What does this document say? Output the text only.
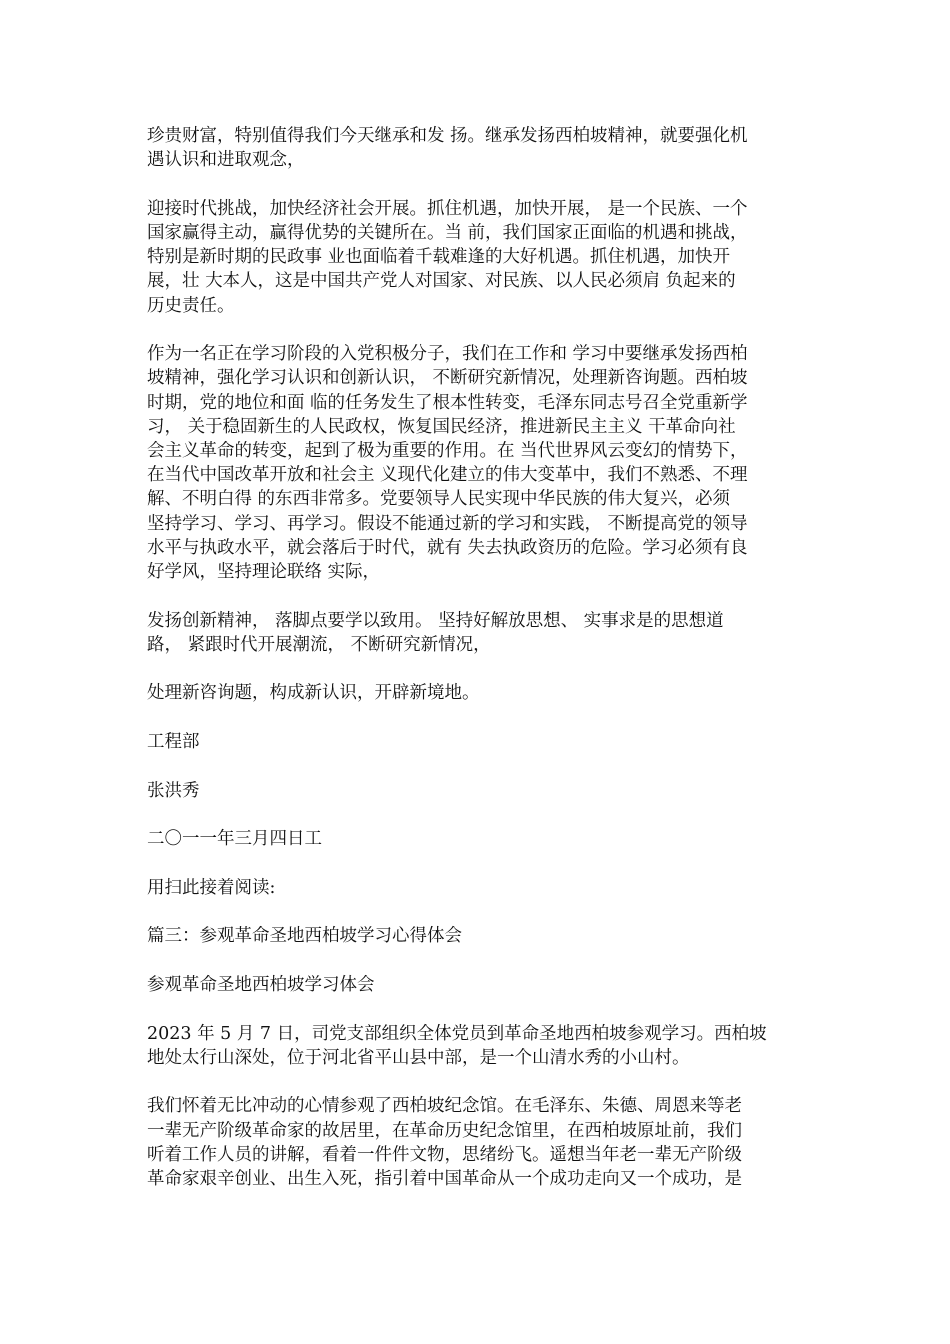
珍贵财富，特别值得我们今天继承和发 扬。继承发扬西柏坡精神，就要强化机
遇认识和进取观念，

迎接时代挑战，加快经济社会开展。抓住机遇，加快开展， 是一个民族、一个
国家赢得主动，赢得优势的关键所在。当 前，我们国家正面临的机遇和挑战，
特别是新时期的民政事 业也面临着千载难逢的大好机遇。抓住机遇，加快开
展，壮 大本人，这是中国共产党人对国家、对民族、以人民必须肩 负起来的
历史责任。

作为一名正在学习阶段的入党积极分子，我们在工作和 学习中要继承发扬西柏
坡精神，强化学习认识和创新认识， 不断研究新情况，处理新咨询题。西柏坡
时期，党的地位和面 临的任务发生了根本性转变，毛泽东同志号召全党重新学
习， 关于稳固新生的人民政权，恢复国民经济，推进新民主主义 干革命向社
会主义革命的转变，起到了极为重要的作用。在 当代世界风云变幻的情势下，
在当代中国改革开放和社会主 义现代化建立的伟大变革中，我们不熟悉、不理
解、不明白得 的东西非常多。党要领导人民实现中华民族的伟大复兴，必须
坚持学习、学习、再学习。假设不能通过新的学习和实践， 不断提高党的领导
水平与执政水平，就会落后于时代，就有 失去执政资历的危险。学习必须有良
好学风，坚持理论联络 实际，

发扬创新精神， 落脚点要学以致用。 坚持好解放思想、 实事求是的思想道
路， 紧跟时代开展潮流， 不断研究新情况，

处理新咨询题，构成新认识，开辟新境地。

工程部

张洪秀

二〇一一年三月四日工

用扫此接着阅读:

篇三：参观革命圣地西柏坡学习心得体会

参观革命圣地西柏坡学习体会

2023 年 5 月 7 日，司党支部组织全体党员到革命圣地西柏坡参观学习。西柏坡
地处太行山深处，位于河北省平山县中部，是一个山清水秀的小山村。

我们怀着无比冲动的心情参观了西柏坡纪念馆。在毛泽东、朱德、周恩来等老
一辈无产阶级革命家的故居里，在革命历史纪念馆里，在西柏坡原址前，我们
听着工作人员的讲解，看着一件件文物，思绪纷飞。遥想当年老一辈无产阶级
革命家艰辛创业、出生入死，指引着中国革命从一个成功走向又一个成功，是
